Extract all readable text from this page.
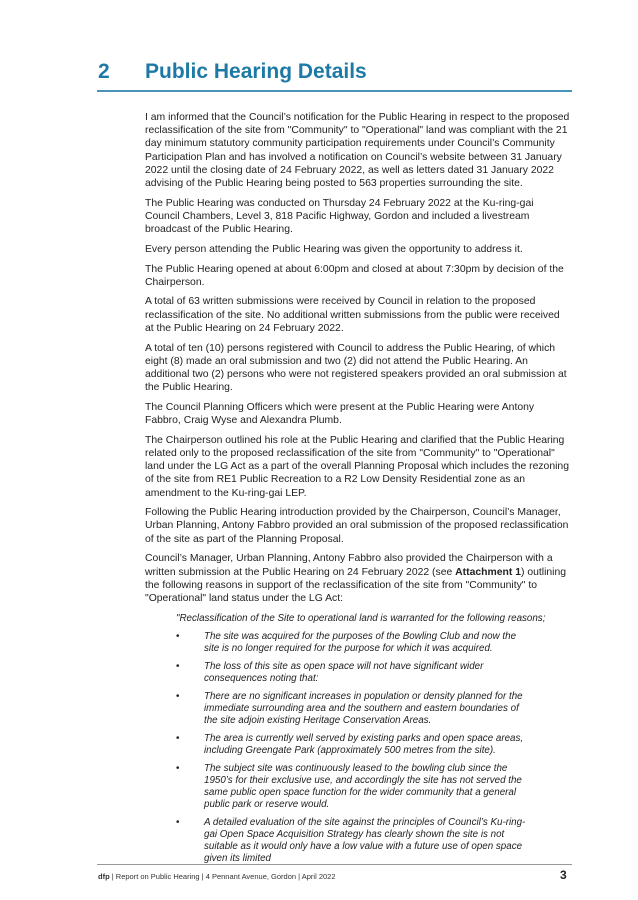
2 Public Hearing Details

I am informed that the Council’s notification for the Public Hearing in respect to the proposed reclassification of the site from "Community" to "Operational" land was compliant with the 21 day minimum statutory community participation requirements under Council’s Community Participation Plan and has involved a notification on Council’s website between 31 January 2022 until the closing date of 24 February 2022, as well as letters dated 31 January 2022 advising of the Public Hearing being posted to 563 properties surrounding the site.

The Public Hearing was conducted on Thursday 24 February 2022 at the Ku-ring-gai Council Chambers, Level 3, 818 Pacific Highway, Gordon and included a livestream broadcast of the Public Hearing.

Every person attending the Public Hearing was given the opportunity to address it.

The Public Hearing opened at about 6:00pm and closed at about 7:30pm by decision of the Chairperson.

A total of 63 written submissions were received by Council in relation to the proposed reclassification of the site. No additional written submissions from the public were received at the Public Hearing on 24 February 2022.

A total of ten (10) persons registered with Council to address the Public Hearing, of which eight (8) made an oral submission and two (2) did not attend the Public Hearing. An additional two (2) persons who were not registered speakers provided an oral submission at the Public Hearing.

The Council Planning Officers which were present at the Public Hearing were Antony Fabbro, Craig Wyse and Alexandra Plumb.

The Chairperson outlined his role at the Public Hearing and clarified that the Public Hearing related only to the proposed reclassification of the site from "Community" to "Operational" land under the LG Act as a part of the overall Planning Proposal which includes the rezoning of the site from RE1 Public Recreation to a R2 Low Density Residential zone as an amendment to the Ku-ring-gai LEP.

Following the Public Hearing introduction provided by the Chairperson, Council’s Manager, Urban Planning, Antony Fabbro provided an oral submission of the proposed reclassification of the site as part of the Planning Proposal.

Council’s Manager, Urban Planning, Antony Fabbro also provided the Chairperson with a written submission at the Public Hearing on 24 February 2022 (see Attachment 1) outlining the following reasons in support of the reclassification of the site from "Community" to "Operational" land status under the LG Act:

"Reclassification of the Site to operational land is warranted for the following reasons;
•	The site was acquired for the purposes of the Bowling Club and now the site is no longer required for the purpose for which it was acquired.
•	The loss of this site as open space will not have significant wider consequences noting that:
•	There are no significant increases in population or density planned for the immediate surrounding area and the southern and eastern boundaries of the site adjoin existing Heritage Conservation Areas.
•	The area is currently well served by existing parks and open space areas, including Greengate Park (approximately 500 metres from the site).
•	The subject site was continuously leased to the bowling club since the 1950’s for their exclusive use, and accordingly the site has not served the same public open space function for the wider community that a general public park or reserve would.
•	A detailed evaluation of the site against the principles of Council’s Ku-ring-gai Open Space Acquisition Strategy has clearly shown the site is not suitable as it would only have a low value with a future use of open space given its limited
dfp | Report on Public Hearing | 4 Pennant Avenue, Gordon | April 2022	3
